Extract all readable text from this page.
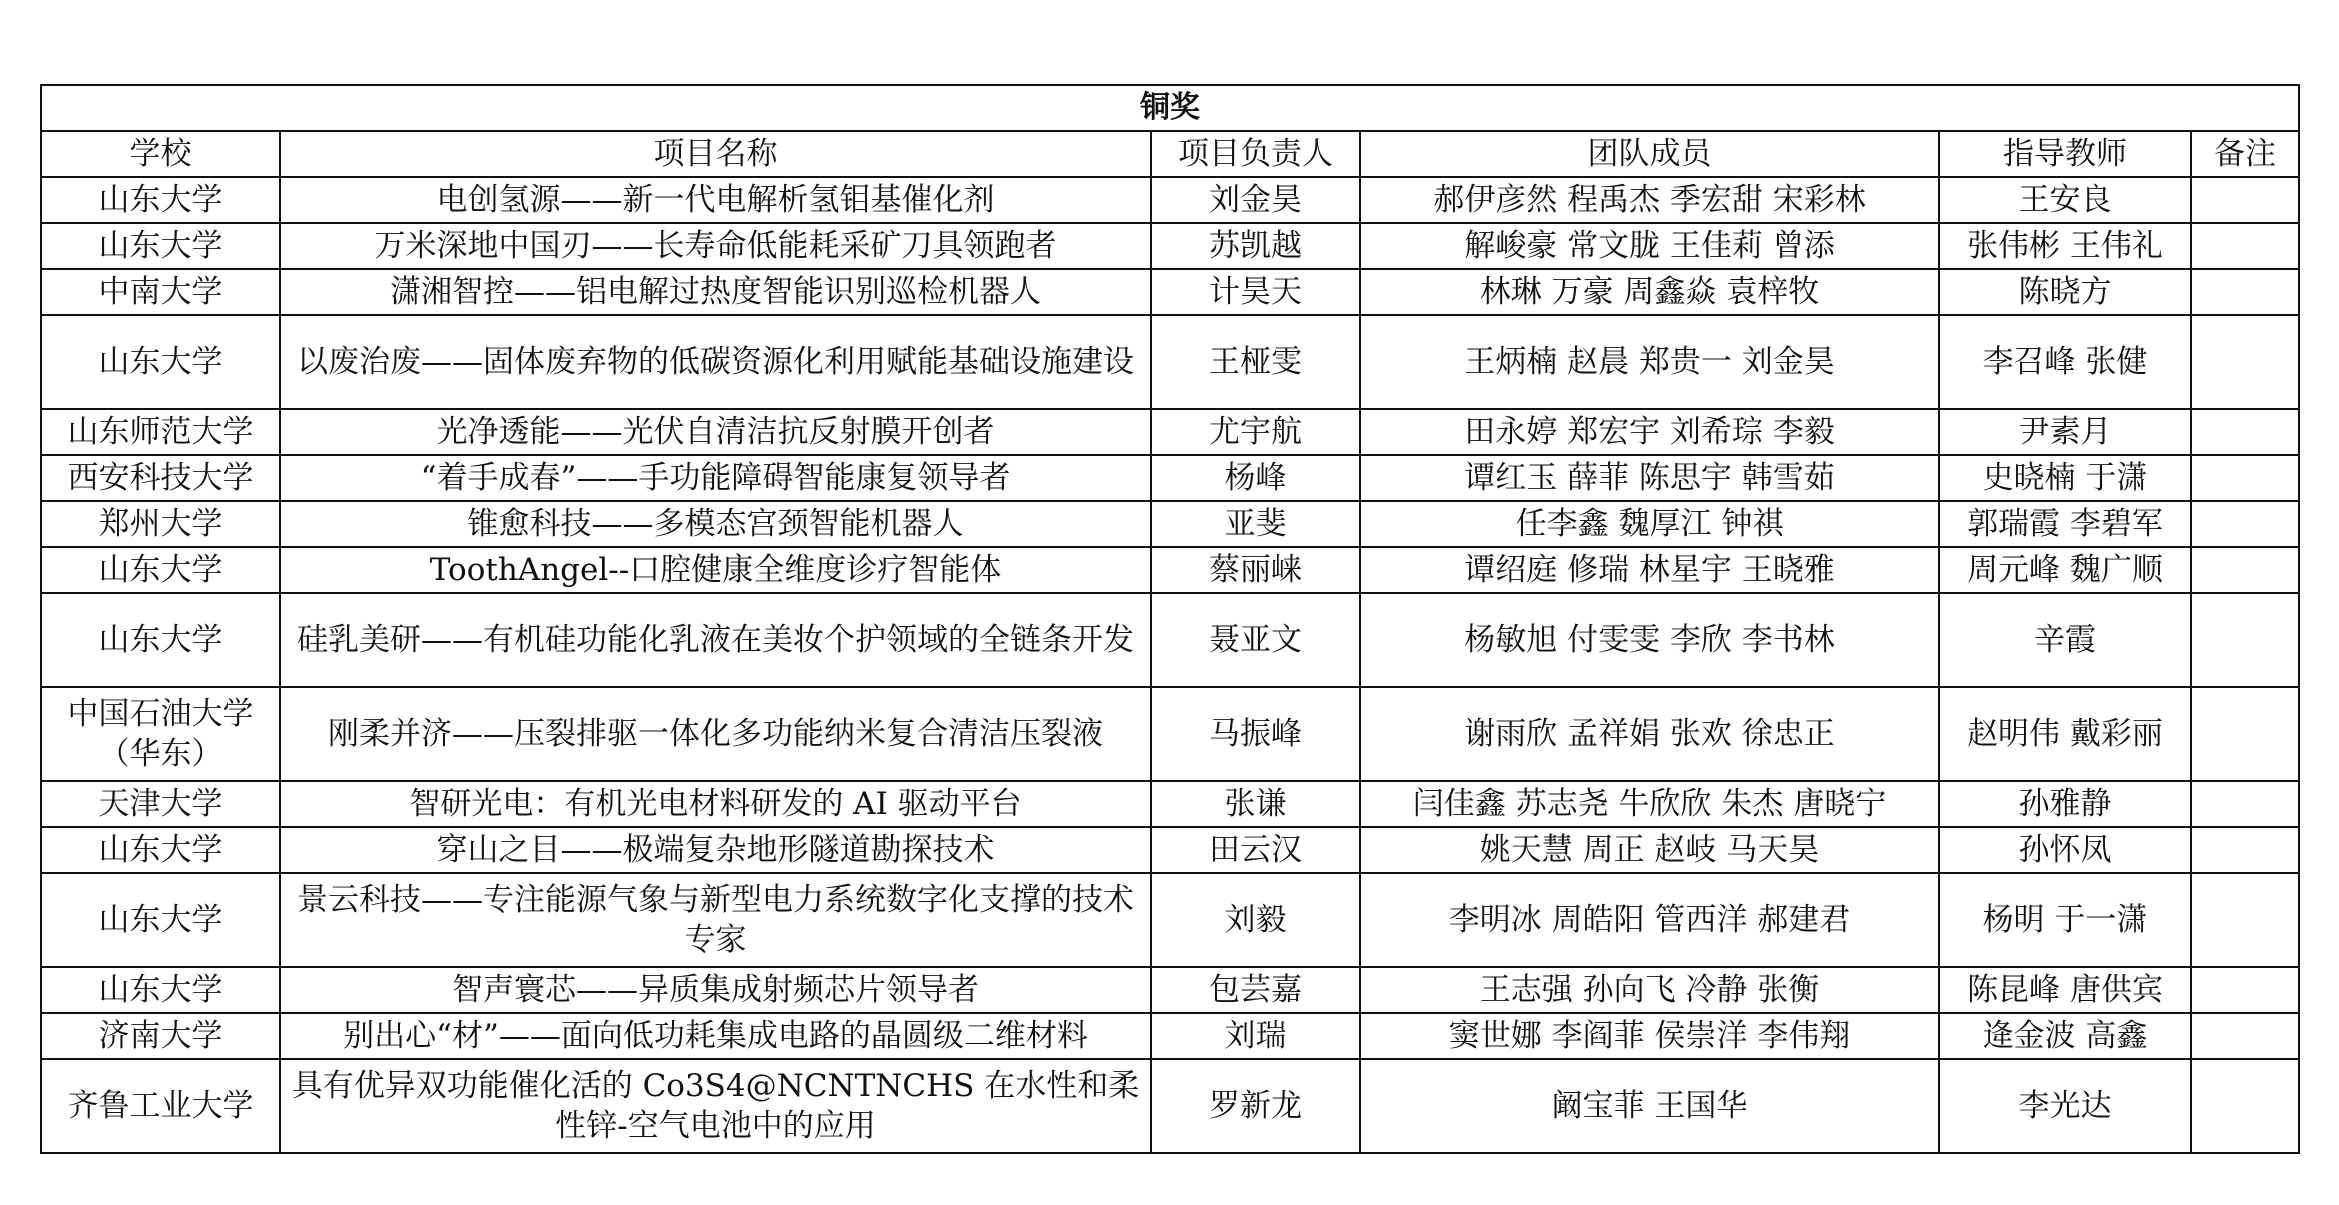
铜奖					
学校	项目名称	项目负责人	团队成员	指导教师	备注
山东大学	电创氢源——新一代电解析氢钼基催化剂	刘金昊	郝伊彦然 程禹杰 季宏甜 宋彩林	王安良	
山东大学	万米深地中国刃——长寿命低能耗采矿刀具领跑者	苏凯越	解峻豪 常文胧 王佳莉 曾添	张伟彬 王伟礼	
中南大学	潇湘智控——铝电解过热度智能识别巡检机器人	计昊天	林琳 万豪 周鑫焱 袁梓牧	陈晓方	
山东大学	以废治废——固体废弃物的低碳资源化利用赋能基础设施建设	王桠雯	王炳楠 赵晨 郑贵一 刘金昊	李召峰 张健	
山东师范大学	光净透能——光伏自清洁抗反射膜开创者	尤宇航	田永婷 郑宏宇 刘希琮 李毅	尹素月	
西安科技大学	“着手成春”——手功能障碍智能康复领导者	杨峰	谭红玉 薛菲 陈思宇 韩雪茹	史晓楠 于潇	
郑州大学	锥愈科技——多模态宫颈智能机器人	亚斐	任李鑫 魏厚江 钟祺	郭瑞霞 李碧军	
山东大学	ToothAngel--口腔健康全维度诊疗智能体	蔡丽崃	谭绍庭 修瑞 林星宇 王晓雅	周元峰 魏广顺	
山东大学	硅乳美研——有机硅功能化乳液在美妆个护领域的全链条开发	聂亚文	杨敏旭 付雯雯 李欣 李书林	辛霞	
中国石油大学（华东）	刚柔并济——压裂排驱一体化多功能纳米复合清洁压裂液	马振峰	谢雨欣 孟祥娟 张欢 徐忠正	赵明伟 戴彩丽	
天津大学	智研光电：有机光电材料研发的 AI 驱动平台	张谦	闫佳鑫 苏志尧 牛欣欣 朱杰 唐晓宁	孙雅静	
山东大学	穿山之目——极端复杂地形隧道勘探技术	田云汉	姚天慧 周正 赵岐 马天昊	孙怀凤	
山东大学	景云科技——专注能源气象与新型电力系统数字化支撑的技术专家	刘毅	李明冰 周皓阳 管西洋 郝建君	杨明 于一潇	
山东大学	智声寰芯——异质集成射频芯片领导者	包芸嘉	王志强 孙向飞 冷静 张衡	陈昆峰 唐供宾	
济南大学	别出心“材”——面向低功耗集成电路的晶圆级二维材料	刘瑞	窦世娜 李阎菲 侯崇洋 李伟翔	逄金波 高鑫	
齐鲁工业大学	具有优异双功能催化活的 Co3S4@NCNTNCHS 在水性和柔性锌-空气电池中的应用	罗新龙	阚宝菲 王国华	李光达	
